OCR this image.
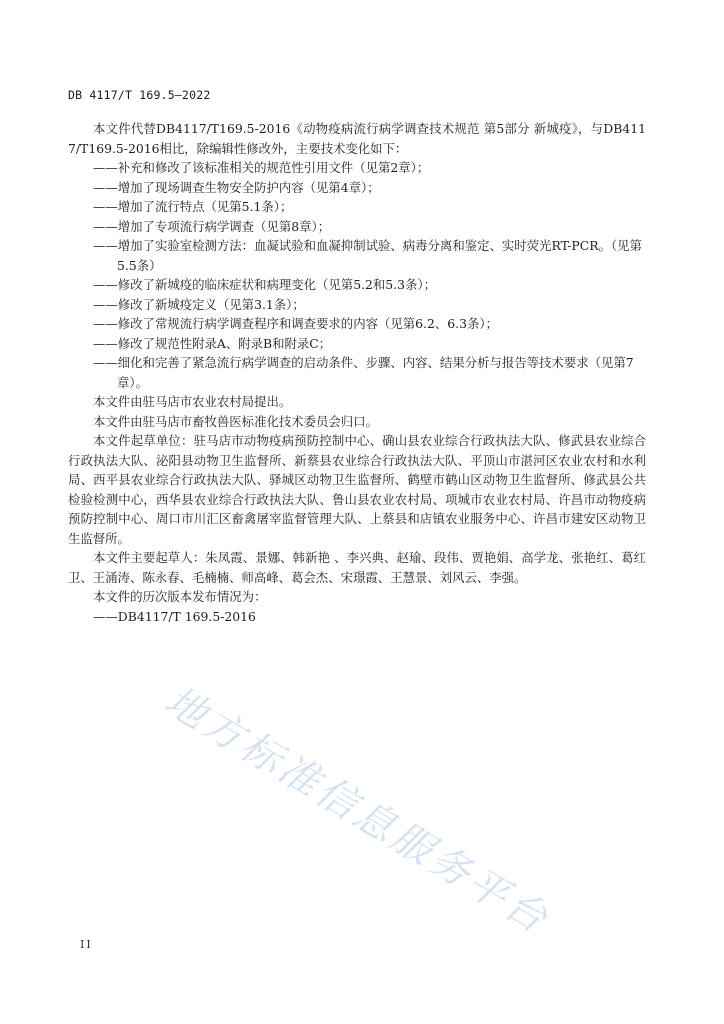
DB 4117/T 169.5—2022

本文件代替DB4117/T169.5-2016《动物疫病流行病学调查技术规范 第5部分 新城疫》，与DB4117/T169.5-2016相比，除编辑性修改外，主要技术变化如下：

——补充和修改了该标准相关的规范性引用文件（见第2章）；

——增加了现场调查生物安全防护内容（见第4章）；

——增加了流行特点（见第5.1条）；

——增加了专项流行病学调查（见第8章）；

——增加了实验室检测方法：血凝试验和血凝抑制试验、病毒分离和鉴定、实时荧光RT-PCR。（见第5.5条）

——修改了新城疫的临床症状和病理变化（见第5.2和5.3条）；

——修改了新城疫定义（见第3.1条）；

——修改了常规流行病学调查程序和调查要求的内容（见第6.2、6.3条）；

——修改了规范性附录A、附录B和附录C；

——细化和完善了紧急流行病学调查的启动条件、步骤、内容、结果分析与报告等技术要求（见第7章）。

本文件由驻马店市农业农村局提出。

本文件由驻马店市畜牧兽医标准化技术委员会归口。

本文件起草单位：驻马店市动物疫病预防控制中心、确山县农业综合行政执法大队、修武县农业综合行政执法大队、泌阳县动物卫生监督所、新蔡县农业综合行政执法大队、平顶山市湛河区农业农村和水利局、西平县农业综合行政执法大队、驿城区动物卫生监督所、鹤壁市鹤山区动物卫生监督所、修武县公共检验检测中心，西华县农业综合行政执法大队、鲁山县农业农村局、项城市农业农村局、许昌市动物疫病预防控制中心、周口市川汇区畜禽屠宰监督管理大队、上蔡县和店镇农业服务中心、许昌市建安区动物卫生监督所。

本文件主要起草人：朱凤霞、景娜、韩新艳 、李兴典、赵瑜、段伟、贾艳娟、高学龙、张艳红、葛红卫、王涌涛、陈永春、毛楠楠、师高峰、葛会杰、宋璟霞、王慧景、刘风云、李强。

本文件的历次版本发布情况为：

——DB4117/T 169.5-2016

地方标准信息服务平台
II
